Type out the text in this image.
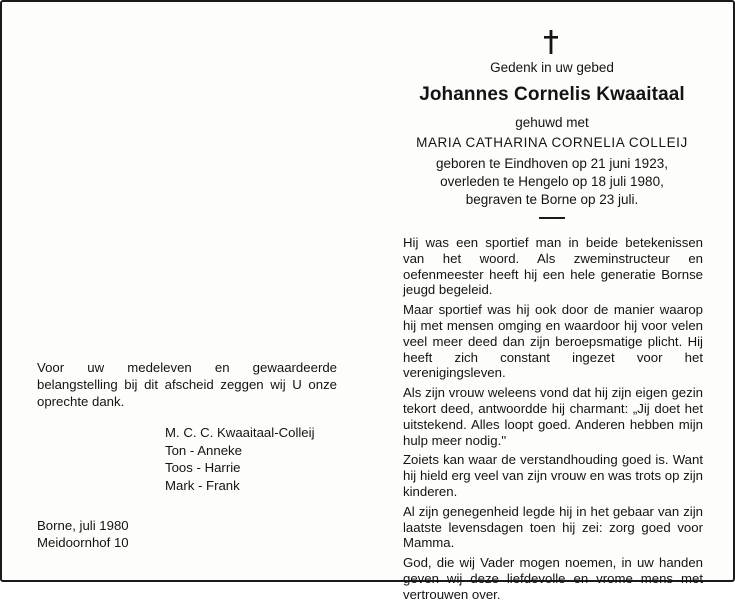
Gedenk in uw gebed
Johannes Cornelis Kwaaitaal
gehuwd met
MARIA CATHARINA CORNELIA COLLEIJ
geboren te Eindhoven op 21 juni 1923,
overleden te Hengelo op 18 juli 1980,
begraven te Borne op 23 juli.

Hij was een sportief man in beide betekenissen van het woord. Als zweminstructeur en oefenmeester heeft hij een hele generatie Bornse jeugd begeleid.

Maar sportief was hij ook door de manier waarop hij met mensen omging en waardoor hij voor velen veel meer deed dan zijn beroepsmatige plicht. Hij heeft zich constant ingezet voor het verenigingsleven.

Als zijn vrouw weleens vond dat hij zijn eigen gezin tekort deed, antwoordde hij charmant: „Jij doet het uitstekend. Alles loopt goed. Anderen hebben mijn hulp meer nodig.''

Zoiets kan waar de verstandhouding goed is. Want hij hield erg veel van zijn vrouw en was trots op zijn kinderen.

Al zijn genegenheid legde hij in het gebaar van zijn laatste levensdagen toen hij zei: zorg goed voor Mamma.

God, die wij Vader mogen noemen, in uw handen geven wij deze liefdevolle en vrome mens met vertrouwen over.

Voor uw medeleven en gewaardeerde belangstelling bij dit afscheid zeggen wij U onze oprechte dank.
M. C. C. Kwaaitaal-Colleij
Ton - Anneke
Toos - Harrie
Mark - Frank
Borne, juli 1980
Meidoornhof 10
